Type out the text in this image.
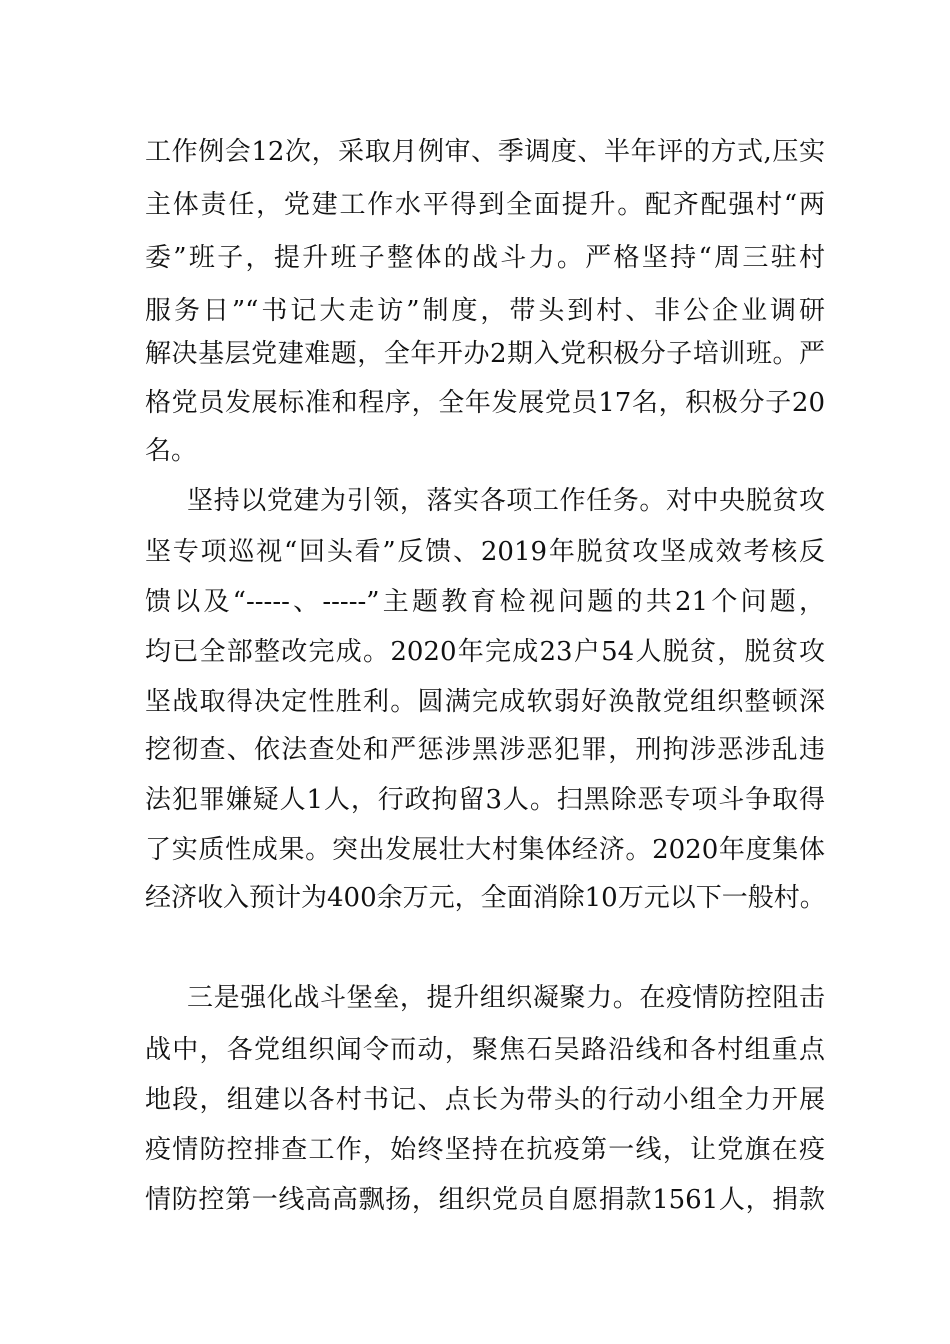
工作例会12次，采取月例审、季调度、半年评的方式,压实
主体责任，党建工作水平得到全面提升。配齐配强村“两
委”班子，提升班子整体的战斗力。严格坚持“周三驻村
服务日”“书记大走访”制度，带头到村、非公企业调研
解决基层党建难题，全年开办2期入党积极分子培训班。严
格党员发展标准和程序，全年发展党员17名，积极分子20
名。
坚持以党建为引领，落实各项工作任务。对中央脱贫攻
坚专项巡视“回头看”反馈、2019年脱贫攻坚成效考核反
馈以及“-----、-----”主题教育检视问题的共21个问题，
均已全部整改完成。2020年完成23户54人脱贫，脱贫攻
坚战取得决定性胜利。圆满完成软弱好涣散党组织整顿深
挖彻查、依法查处和严惩涉黑涉恶犯罪，刑拘涉恶涉乱违
法犯罪嫌疑人1人，行政拘留3人。扫黑除恶专项斗争取得
了实质性成果。突出发展壮大村集体经济。2020年度集体
经济收入预计为400余万元，全面消除10万元以下一般村。
三是强化战斗堡垒，提升组织凝聚力。在疫情防控阻击
战中，各党组织闻令而动，聚焦石吴路沿线和各村组重点
地段，组建以各村书记、点长为带头的行动小组全力开展
疫情防控排查工作，始终坚持在抗疫第一线，让党旗在疫
情防控第一线高高飘扬，组织党员自愿捐款1561人，捐款
